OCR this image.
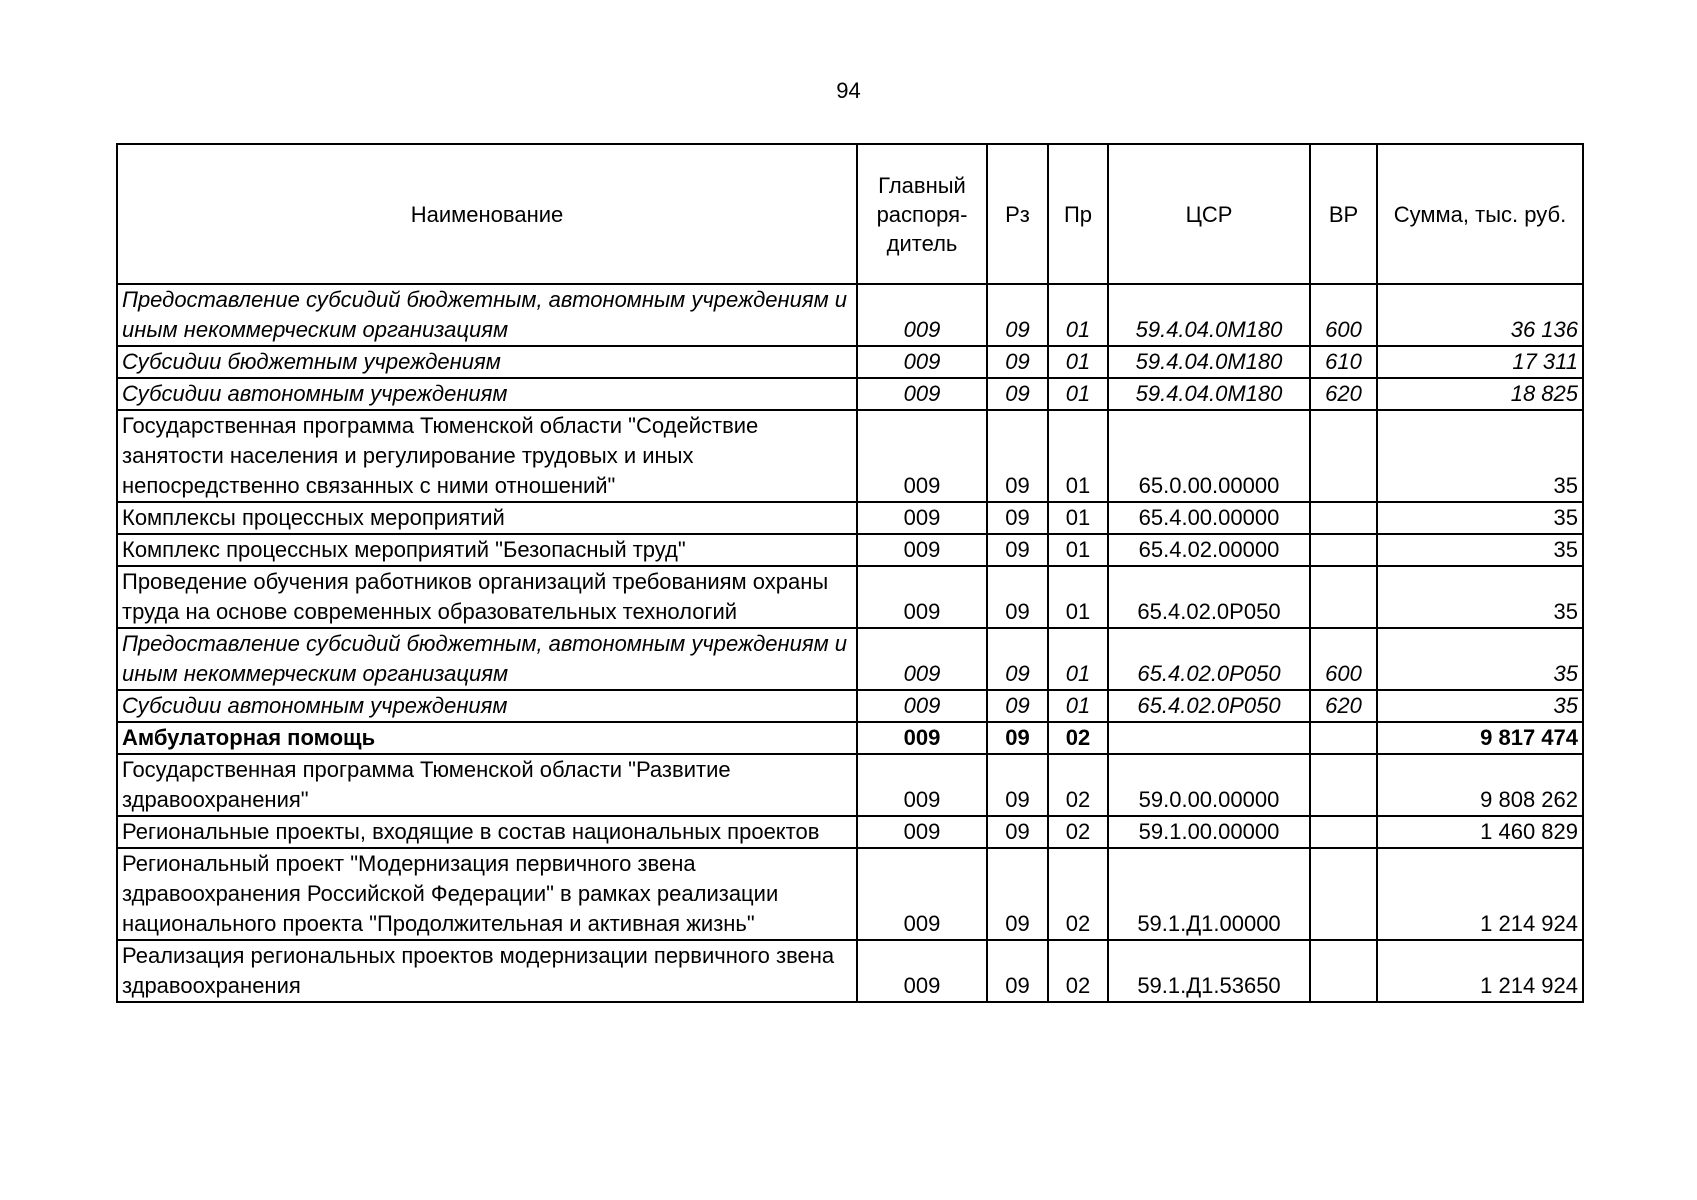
94
Наименование	Главный распоря-дитель	Рз	Пр	ЦСР	ВР	Сумма, тыс. руб.
Предоставление субсидий бюджетным, автономным учреждениям и иным некоммерческим организациям	009	09	01	59.4.04.0М180	600	36 136
Субсидии бюджетным учреждениям	009	09	01	59.4.04.0М180	610	17 311
Субсидии автономным учреждениям	009	09	01	59.4.04.0М180	620	18 825
Государственная программа Тюменской области "Содействие занятости населения и регулирование трудовых и иных непосредственно связанных с ними отношений"	009	09	01	65.0.00.00000		35
Комплексы процессных мероприятий	009	09	01	65.4.00.00000		35
Комплекс процессных мероприятий "Безопасный труд"	009	09	01	65.4.02.00000		35
Проведение обучения работников организаций требованиям охраны труда на основе современных образовательных технологий	009	09	01	65.4.02.0Р050		35
Предоставление субсидий бюджетным, автономным учреждениям и иным некоммерческим организациям	009	09	01	65.4.02.0Р050	600	35
Субсидии автономным учреждениям	009	09	01	65.4.02.0Р050	620	35
Амбулаторная помощь	009	09	02			9 817 474
Государственная программа Тюменской области "Развитие здравоохранения"	009	09	02	59.0.00.00000		9 808 262
Региональные проекты, входящие в состав национальных проектов	009	09	02	59.1.00.00000		1 460 829
Региональный проект "Модернизация первичного звена здравоохранения Российской Федерации" в рамках реализации национального проекта "Продолжительная и активная жизнь"	009	09	02	59.1.Д1.00000		1 214 924
Реализация региональных проектов модернизации первичного звена здравоохранения	009	09	02	59.1.Д1.53650		1 214 924
